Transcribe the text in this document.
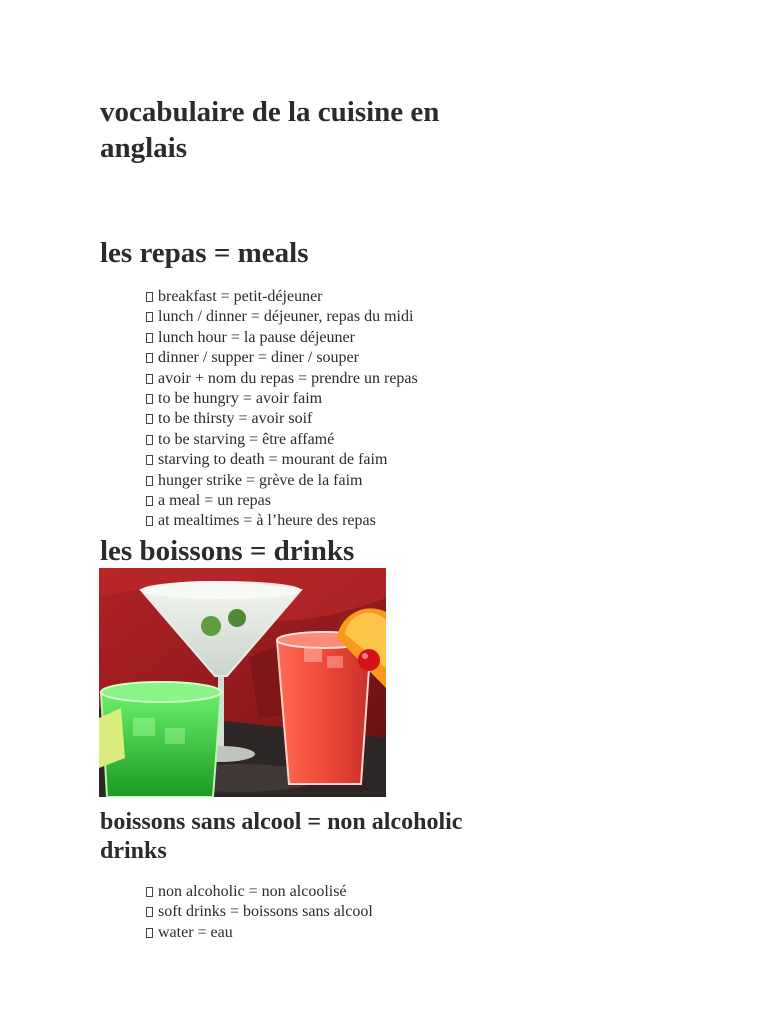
vocabulaire de la cuisine en anglais
les repas = meals
breakfast = petit-déjeuner
lunch / dinner = déjeuner, repas du midi
lunch hour = la pause déjeuner
dinner / supper = diner / souper
avoir + nom du repas = prendre un repas
to be hungry = avoir faim
to be thirsty = avoir soif
to be starving = être affamé
starving to death = mourant de faim
hunger strike = grève de la faim
a meal = un repas
at mealtimes = à l’heure des repas
les boissons = drinks
boissons sans alcool = non alcoholic drinks
non alcoholic = non alcoolisé
soft drinks = boissons sans alcool
water = eau
